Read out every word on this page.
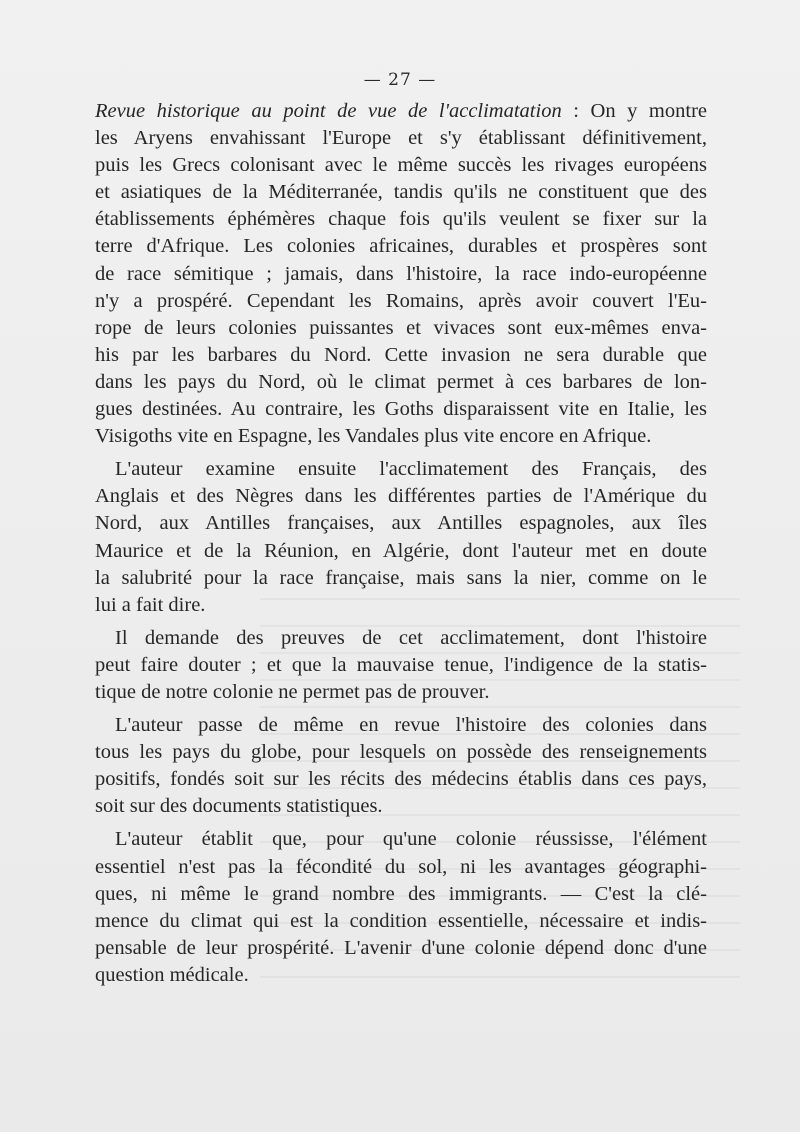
— 27 —
Revue historique au point de vue de l'acclimatation : On y montre
les Aryens envahissant l'Europe et s'y établissant définitivement,
puis les Grecs colonisant avec le même succès les rivages européens
et asiatiques de la Méditerranée, tandis qu'ils ne constituent que des
établissements éphémères chaque fois qu'ils veulent se fixer sur la
terre d'Afrique. Les colonies africaines, durables et prospères sont
de race sémitique ; jamais, dans l'histoire, la race indo-européenne
n'y a prospéré. Cependant les Romains, après avoir couvert l'Eu-
rope de leurs colonies puissantes et vivaces sont eux-mêmes enva-
his par les barbares du Nord. Cette invasion ne sera durable que
dans les pays du Nord, où le climat permet à ces barbares de lon-
gues destinées. Au contraire, les Goths disparaissent vite en Italie, les
Visigoths vite en Espagne, les Vandales plus vite encore en Afrique.
L'auteur examine ensuite l'acclimatement des Français, des
Anglais et des Nègres dans les différentes parties de l'Amérique du
Nord, aux Antilles françaises, aux Antilles espagnoles, aux îles
Maurice et de la Réunion, en Algérie, dont l'auteur met en doute
la salubrité pour la race française, mais sans la nier, comme on le
lui a fait dire.
Il demande des preuves de cet acclimatement, dont l'histoire
peut faire douter ; et que la mauvaise tenue, l'indigence de la statis-
tique de notre colonie ne permet pas de prouver.
L'auteur passe de même en revue l'histoire des colonies dans
tous les pays du globe, pour lesquels on possède des renseignements
positifs, fondés soit sur les récits des médecins établis dans ces pays,
soit sur des documents statistiques.
L'auteur établit que, pour qu'une colonie réussisse, l'élément
essentiel n'est pas la fécondité du sol, ni les avantages géographi-
ques, ni même le grand nombre des immigrants. — C'est la clé-
mence du climat qui est la condition essentielle, nécessaire et indis-
pensable de leur prospérité. L'avenir d'une colonie dépend donc d'une
question médicale.
